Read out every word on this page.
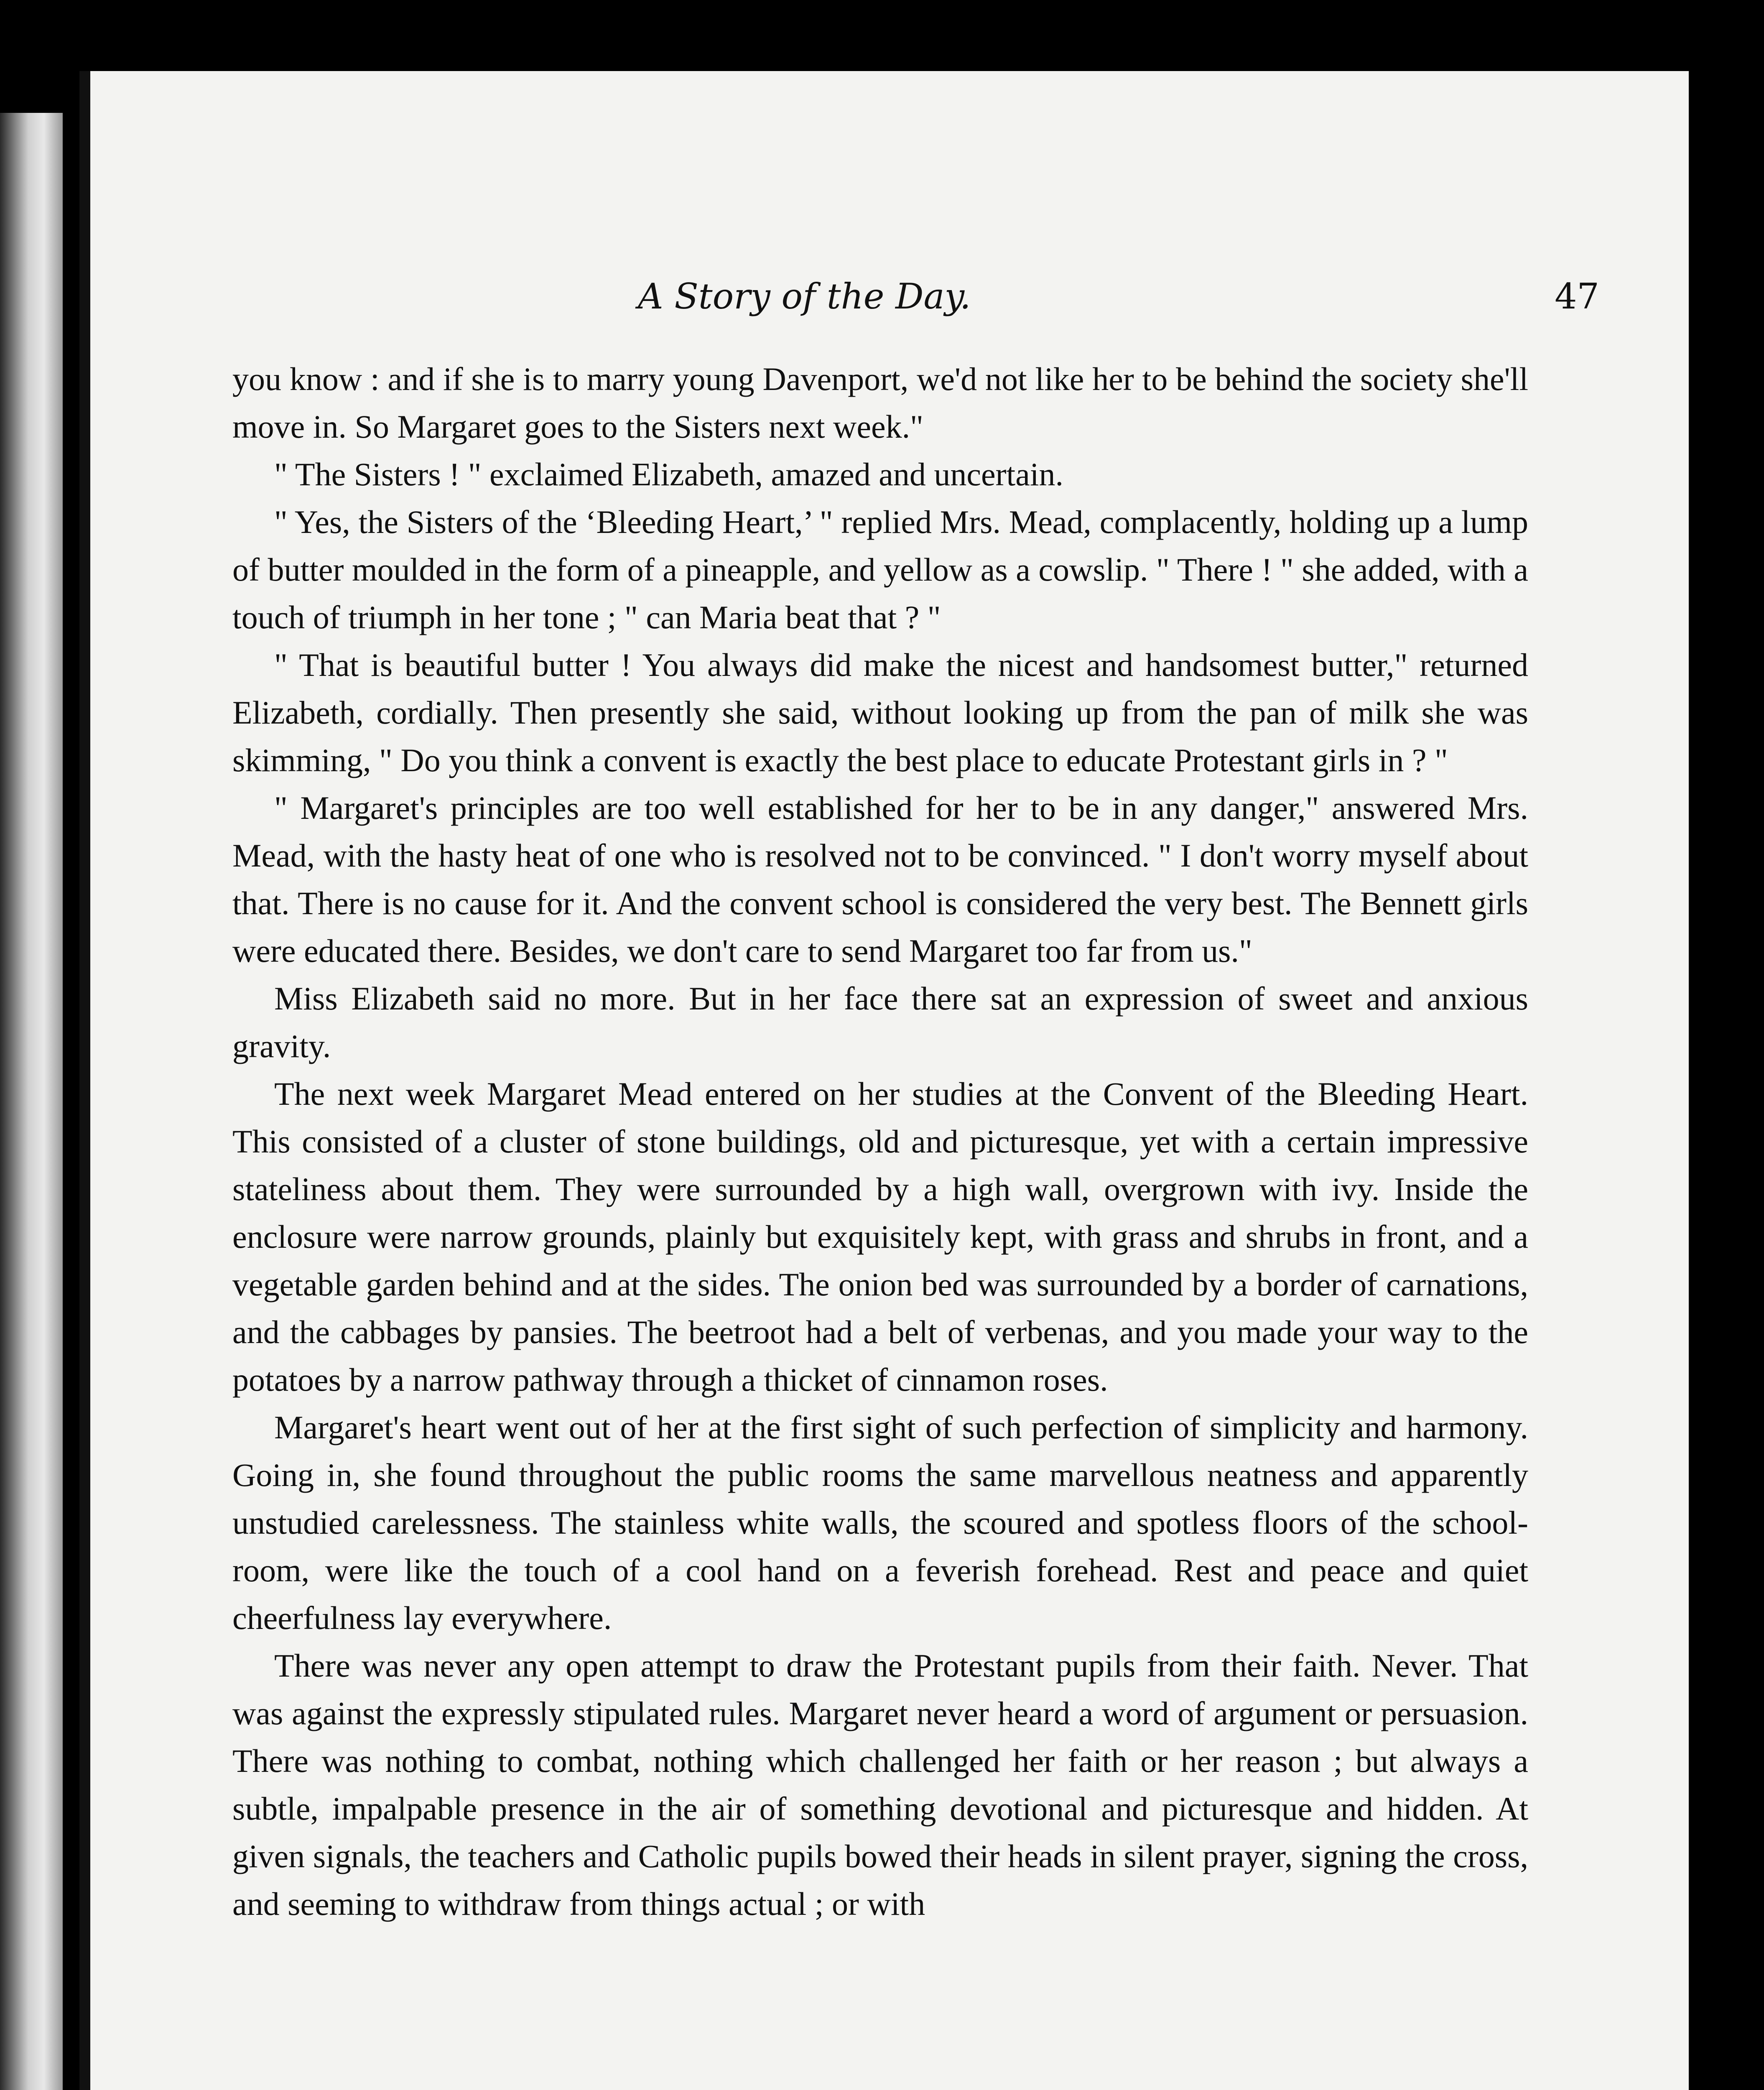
A Story of the Day.	47

you know : and if she is to marry young Davenport, we'd not like her to be behind the society she'll move in. So Margaret goes to the Sisters next week."

" The Sisters ! " exclaimed Elizabeth, amazed and uncertain.

" Yes, the Sisters of the ‘Bleeding Heart,’ " replied Mrs. Mead, complacently, holding up a lump of butter moulded in the form of a pineapple, and yellow as a cowslip. " There ! " she added, with a touch of triumph in her tone ; " can Maria beat that ? "

" That is beautiful butter ! You always did make the nicest and handsomest butter," returned Elizabeth, cordially. Then presently she said, without looking up from the pan of milk she was skimming, " Do you think a convent is exactly the best place to educate Protestant girls in ? "

" Margaret's principles are too well established for her to be in any danger," answered Mrs. Mead, with the hasty heat of one who is resolved not to be convinced. " I don't worry myself about that. There is no cause for it. And the convent school is considered the very best. The Bennett girls were educated there. Besides, we don't care to send Margaret too far from us."

Miss Elizabeth said no more. But in her face there sat an expression of sweet and anxious gravity.

The next week Margaret Mead entered on her studies at the Convent of the Bleeding Heart. This consisted of a cluster of stone buildings, old and picturesque, yet with a certain impressive stateliness about them. They were surrounded by a high wall, overgrown with ivy. Inside the enclosure were narrow grounds, plainly but exquisitely kept, with grass and shrubs in front, and a vegetable garden behind and at the sides. The onion bed was surrounded by a border of carnations, and the cabbages by pansies. The beetroot had a belt of verbenas, and you made your way to the potatoes by a narrow pathway through a thicket of cinnamon roses.

Margaret's heart went out of her at the first sight of such perfection of simplicity and harmony. Going in, she found throughout the public rooms the same marvellous neatness and apparently unstudied carelessness. The stainless white walls, the scoured and spotless floors of the school-room, were like the touch of a cool hand on a feverish forehead. Rest and peace and quiet cheerfulness lay everywhere.

There was never any open attempt to draw the Protestant pupils from their faith. Never. That was against the expressly stipulated rules. Margaret never heard a word of argument or persuasion. There was nothing to combat, nothing which challenged her faith or her reason ; but always a subtle, impalpable presence in the air of something devotional and picturesque and hidden. At given signals, the teachers and Catholic pupils bowed their heads in silent prayer, signing the cross, and seeming to withdraw from things actual ; or with
